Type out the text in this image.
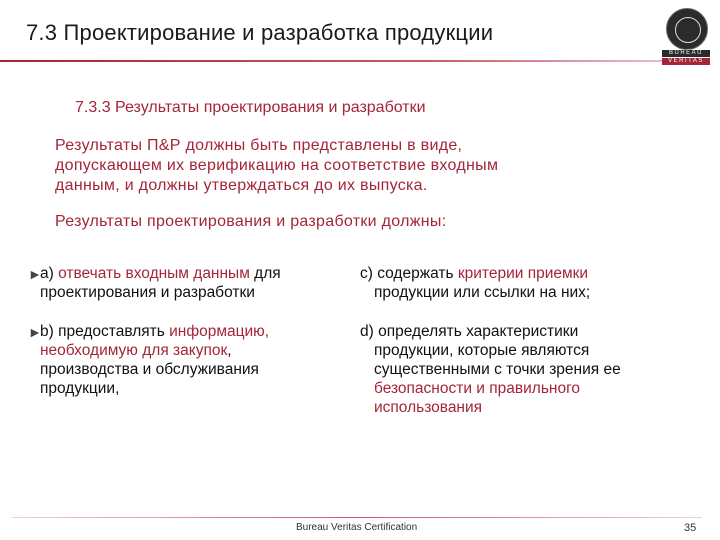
7.3 Проектирование и разработка продукции
BUREAU
VERITAS
7.3.3 Результаты проектирования и разработки
Результаты П&Р должны быть представлены в виде,
допускающем их верификацию на соответствие входным
данным, и должны утверждаться до их выпуска.
Результаты проектирования и разработки должны:
►
a) отвечать входным данным для
проектирования и разработки
►
b) предоставлять информацию,
необходимую для закупок,
производства и обслуживания
продукции,
c) содержать критерии приемки
продукции или ссылки на них;
d) определять характеристики
продукции, которые являются
существенными с точки зрения ее
безопасности и правильного
использования
Bureau Veritas Certification	35
